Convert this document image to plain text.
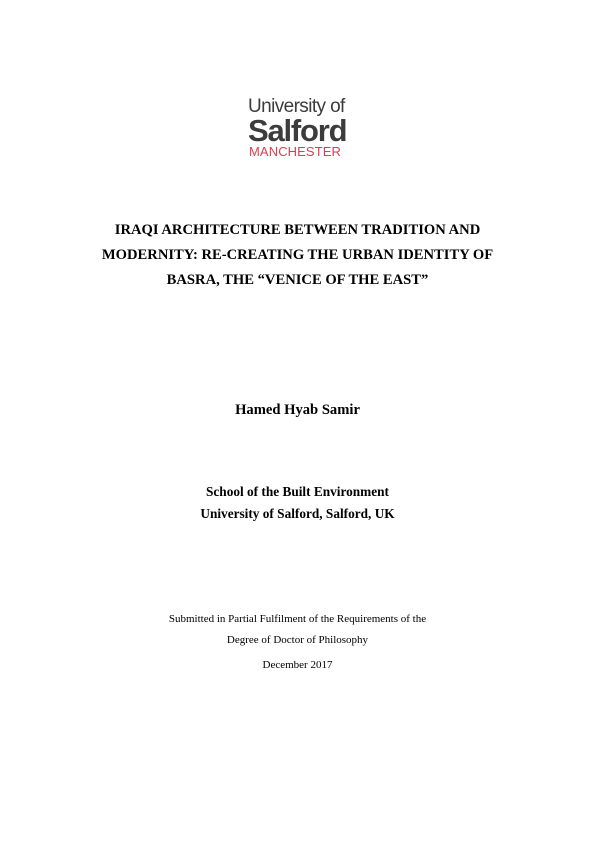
University of
Salford
MANCHESTER
IRAQI ARCHITECTURE BETWEEN TRADITION AND
MODERNITY: RE-CREATING THE URBAN IDENTITY OF
BASRA, THE “VENICE OF THE EAST”
Hamed Hyab Samir
School of the Built Environment
University of Salford, Salford, UK
Submitted in Partial Fulfilment of the Requirements of the
Degree of Doctor of Philosophy
December 2017
